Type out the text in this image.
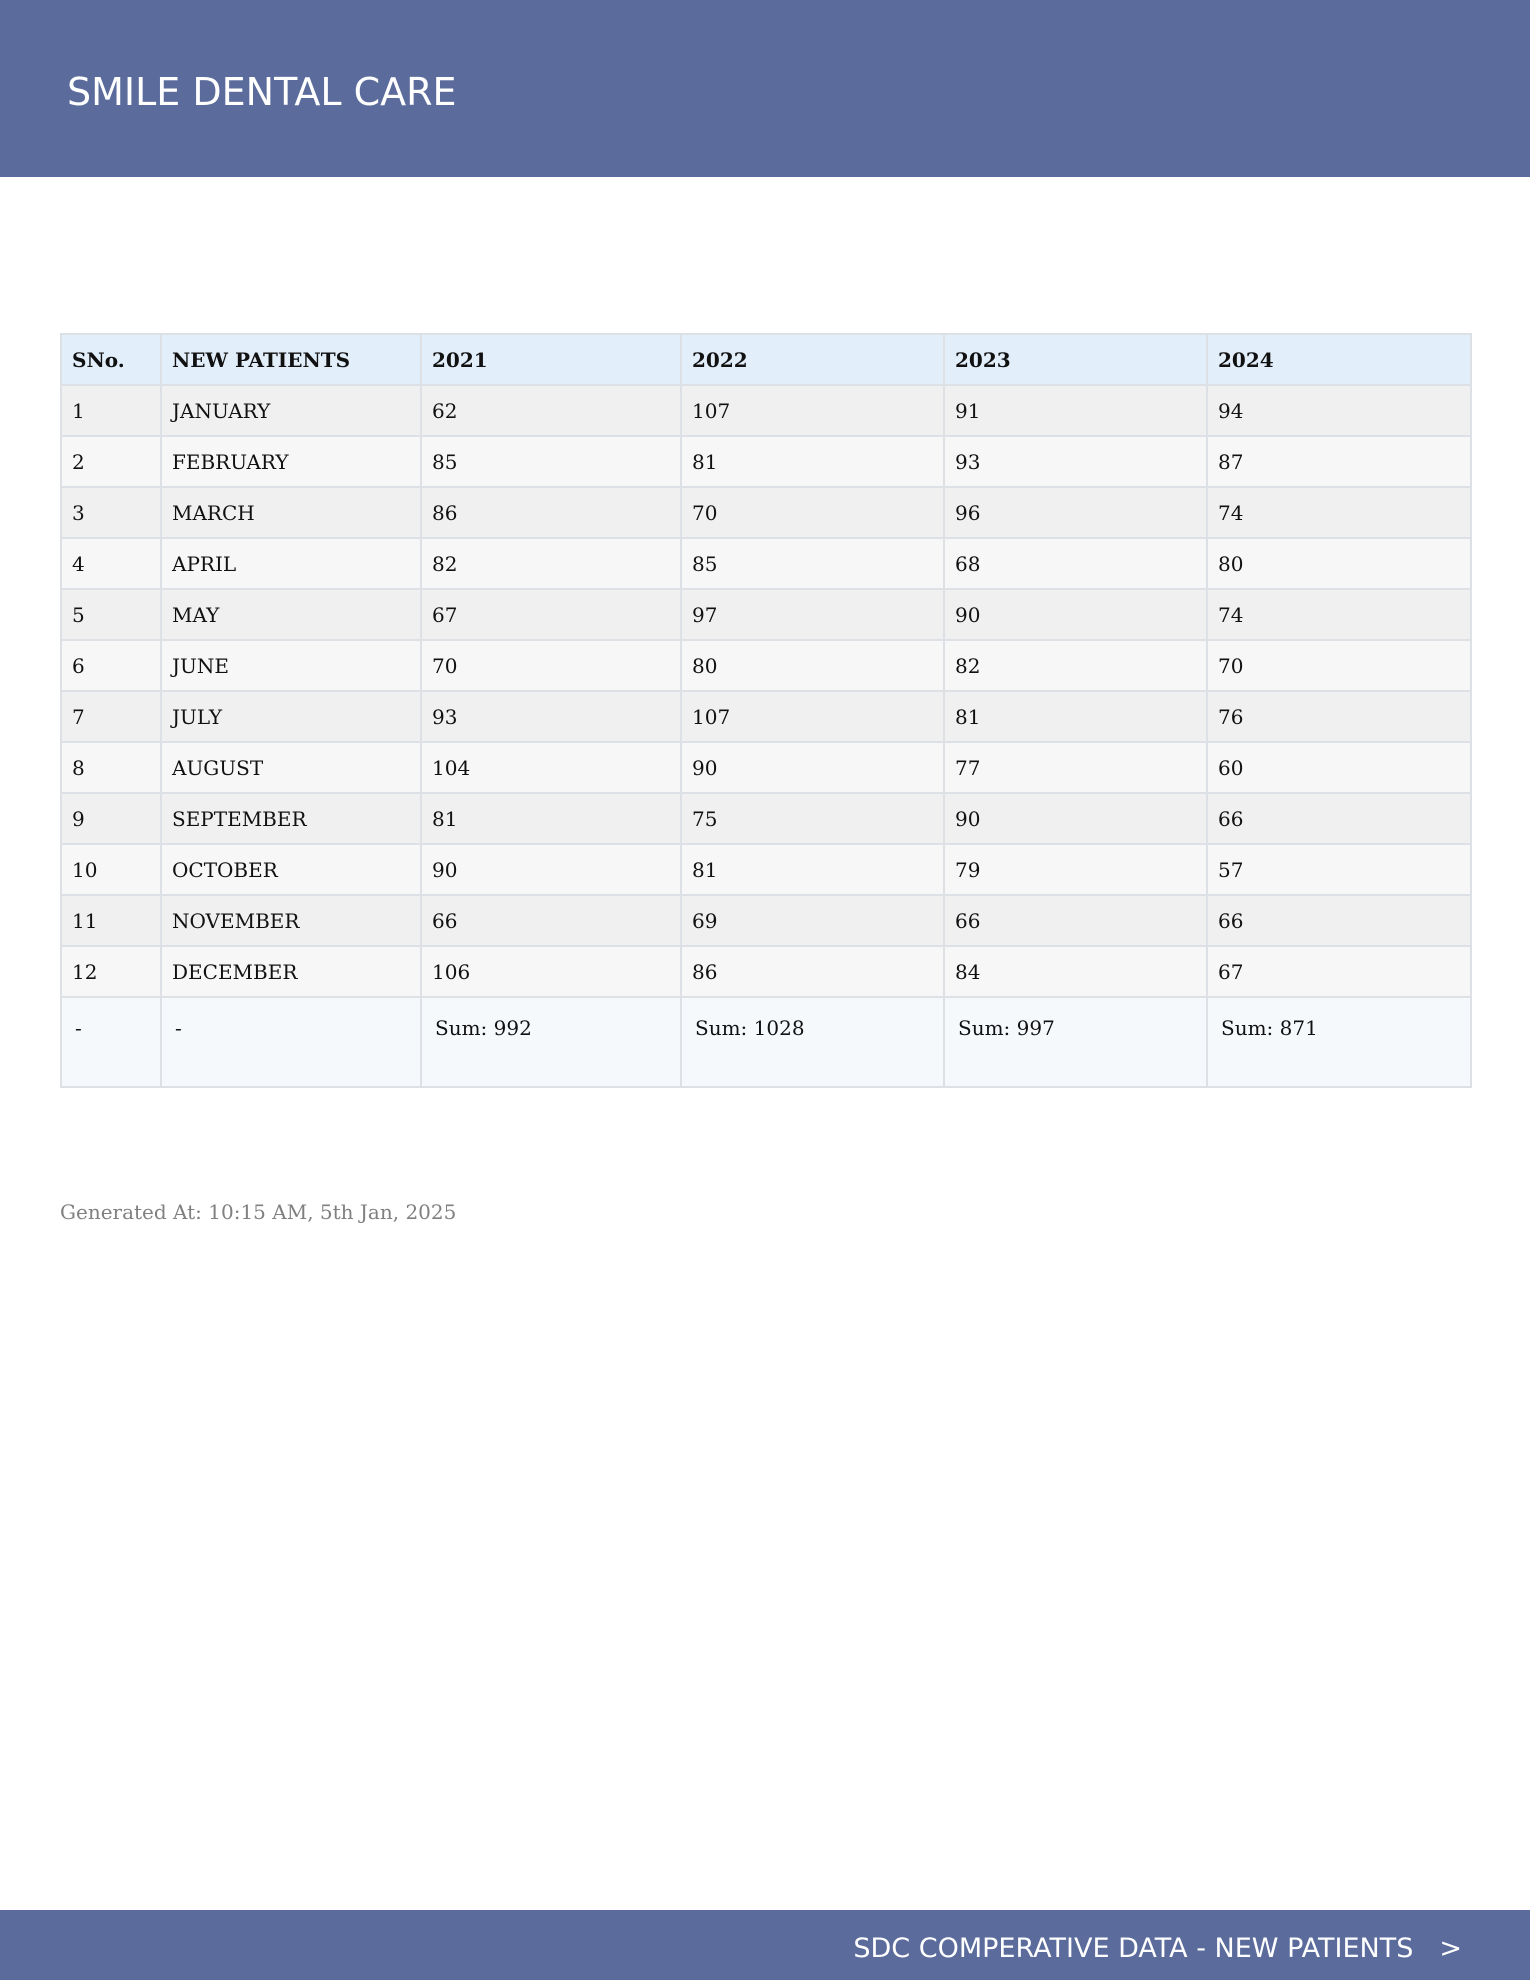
SMILE DENTAL CARE
SNo.	NEW PATIENTS	2021	2022	2023	2024
1	JANUARY	62	107	91	94
2	FEBRUARY	85	81	93	87
3	MARCH	86	70	96	74
4	APRIL	82	85	68	80
5	MAY	67	97	90	74
6	JUNE	70	80	82	70
7	JULY	93	107	81	76
8	AUGUST	104	90	77	60
9	SEPTEMBER	81	75	90	66
10	OCTOBER	90	81	79	57
11	NOVEMBER	66	69	66	66
12	DECEMBER	106	86	84	67
-	-	Sum: 992	Sum: 1028	Sum: 997	Sum: 871
Generated At: 10:15 AM, 5th Jan, 2025
SDC COMPERATIVE DATA - NEW PATIENTS >
